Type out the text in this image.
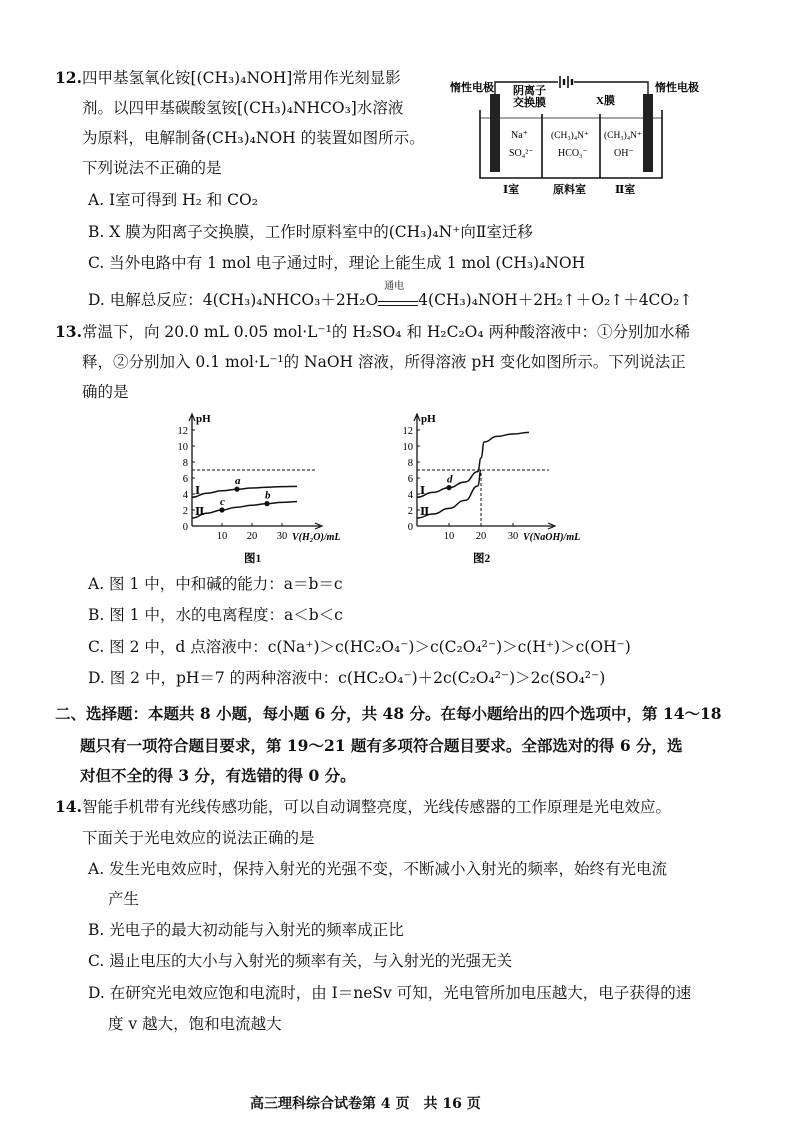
12. 四甲基氢氧化铵[(CH₃)₄NOH]常用作光刻显影
剂。以四甲基碳酸氢铵[(CH₃)₄NHCO₃]水溶液
为原料，电解制备(CH₃)₄NOH 的装置如图所示。
下列说法不正确的是
A. Ⅰ室可得到 H₂ 和 CO₂
B. X 膜为阳离子交换膜，工作时原料室中的(CH₃)₄N⁺向Ⅱ室迁移
C. 当外电路中有 1 mol 电子通过时，理论上能生成 1 mol (CH₃)₄NOH
D. 电解总反应：4(CH₃)₄NHCO₃＋2H₂O
通电
4(CH₃)₄NOH＋2H₂↑＋O₂↑＋4CO₂↑
惰性电极	惰性电极
阴离子
交换膜	X膜
Na⁺
SO₄²⁻
(CH₃)₄N⁺
HCO₃⁻
(CH₃)₄N⁺
OH⁻
Ⅰ室	原料室	Ⅱ室
13. 常温下，向 20.0 mL 0.05 mol·L⁻¹的 H₂SO₄ 和 H₂C₂O₄ 两种酸溶液中：①分别加水稀
释，②分别加入 0.1 mol·L⁻¹的 NaOH 溶液，所得溶液 pH 变化如图所示。下列说法正
确的是
pH
V(H₂O)/mL
0
2
4
6
8
10
12
10 20 30
Ⅰ
Ⅱ
a
b
c
图1
pH
V(NaOH)/mL
0
2
4
6
8
10
12
10 20 30
Ⅰ
Ⅱ
d
图2
A. 图 1 中，中和碱的能力：a＝b＝c
B. 图 1 中，水的电离程度：a＜b＜c
C. 图 2 中，d 点溶液中：c(Na⁺)＞c(HC₂O₄⁻)＞c(C₂O₄²⁻)＞c(H⁺)＞c(OH⁻)
D. 图 2 中，pH＝7 的两种溶液中：c(HC₂O₄⁻)＋2c(C₂O₄²⁻)＞2c(SO₄²⁻)
二、选择题：本题共 8 小题，每小题 6 分，共 48 分。在每小题给出的四个选项中，第 14～18
题只有一项符合题目要求，第 19～21 题有多项符合题目要求。全部选对的得 6 分，选
对但不全的得 3 分，有选错的得 0 分。
14. 智能手机带有光线传感功能，可以自动调整亮度，光线传感器的工作原理是光电效应。
下面关于光电效应的说法正确的是
A. 发生光电效应时，保持入射光的光强不变，不断减小入射光的频率，始终有光电流
产生
B. 光电子的最大初动能与入射光的频率成正比
C. 遏止电压的大小与入射光的频率有关，与入射光的光强无关
D. 在研究光电效应饱和电流时，由 I＝neSv 可知，光电管所加电压越大，电子获得的速
度 v 越大，饱和电流越大
高三理科综合试卷第 4 页　共 16 页
